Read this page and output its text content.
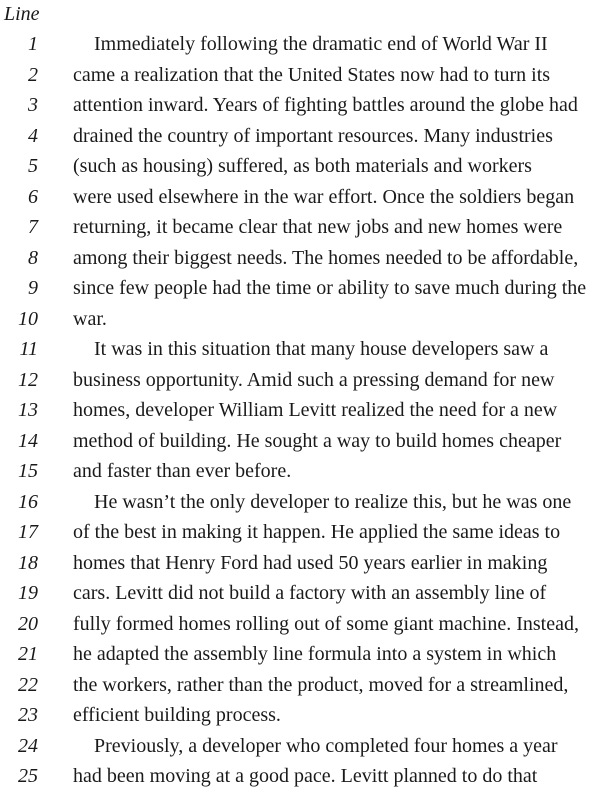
Line
1	Immediately following the dramatic end of World War II
2 came a realization that the United States now had to turn its
3 attention inward. Years of fighting battles around the globe had
4 drained the country of important resources. Many industries
5 (such as housing) suffered, as both materials and workers
6 were used elsewhere in the war effort. Once the soldiers began
7 returning, it became clear that new jobs and new homes were
8 among their biggest needs. The homes needed to be affordable,
9 since few people had the time or ability to save much during the
10 war.
11	It was in this situation that many house developers saw a
12 business opportunity. Amid such a pressing demand for new
13 homes, developer William Levitt realized the need for a new
14 method of building. He sought a way to build homes cheaper
15 and faster than ever before.
16	He wasn’t the only developer to realize this, but he was one
17 of the best in making it happen. He applied the same ideas to
18 homes that Henry Ford had used 50 years earlier in making
19 cars. Levitt did not build a factory with an assembly line of
20 fully formed homes rolling out of some giant machine. Instead,
21 he adapted the assembly line formula into a system in which
22 the workers, rather than the product, moved for a streamlined,
23 efficient building process.
24	Previously, a developer who completed four homes a year
25 had been moving at a good pace. Levitt planned to do that
